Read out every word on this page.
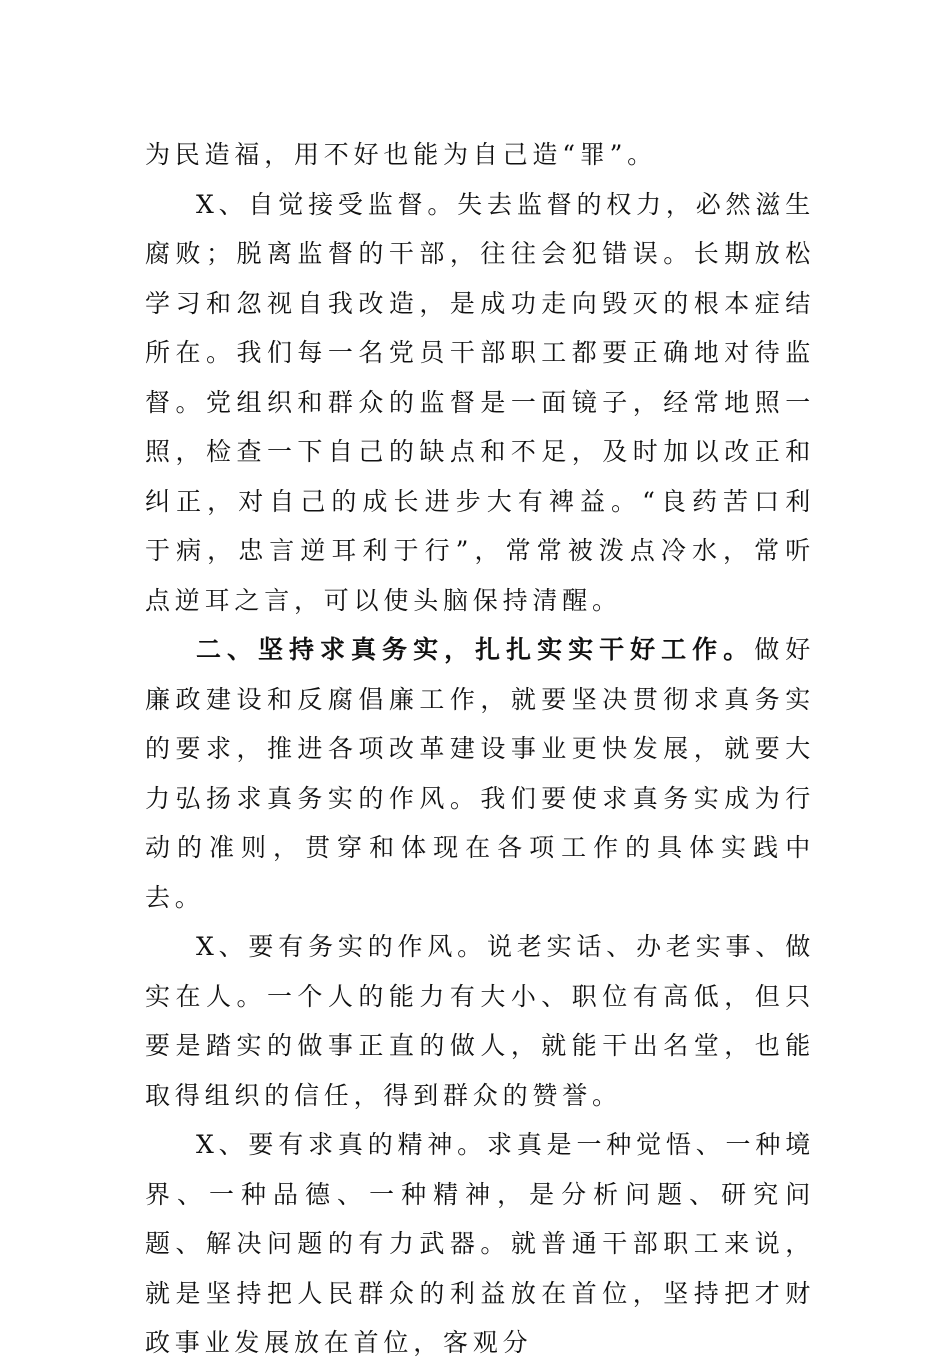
为民造福，用不好也能为自己造“罪”。

X、自觉接受监督。失去监督的权力，必然滋生腐败；脱离监督的干部，往往会犯错误。长期放松学习和忽视自我改造，是成功走向毁灭的根本症结所在。我们每一名党员干部职工都要正确地对待监督。党组织和群众的监督是一面镜子，经常地照一照，检查一下自己的缺点和不足，及时加以改正和纠正，对自己的成长进步大有裨益。“良药苦口利于病，忠言逆耳利于行”，常常被泼点冷水，常听点逆耳之言，可以使头脑保持清醒。

二、坚持求真务实，扎扎实实干好工作。做好廉政建设和反腐倡廉工作，就要坚决贯彻求真务实的要求，推进各项改革建设事业更快发展，就要大力弘扬求真务实的作风。我们要使求真务实成为行动的准则，贯穿和体现在各项工作的具体实践中去。

X、要有务实的作风。说老实话、办老实事、做实在人。一个人的能力有大小、职位有高低，但只要是踏实的做事正直的做人，就能干出名堂，也能取得组织的信任，得到群众的赞誉。

X、要有求真的精神。求真是一种觉悟、一种境界、一种品德、一种精神，是分析问题、研究问题、解决问题的有力武器。就普通干部职工来说，就是坚持把人民群众的利益放在首位，坚持把才财政事业发展放在首位，客观分
